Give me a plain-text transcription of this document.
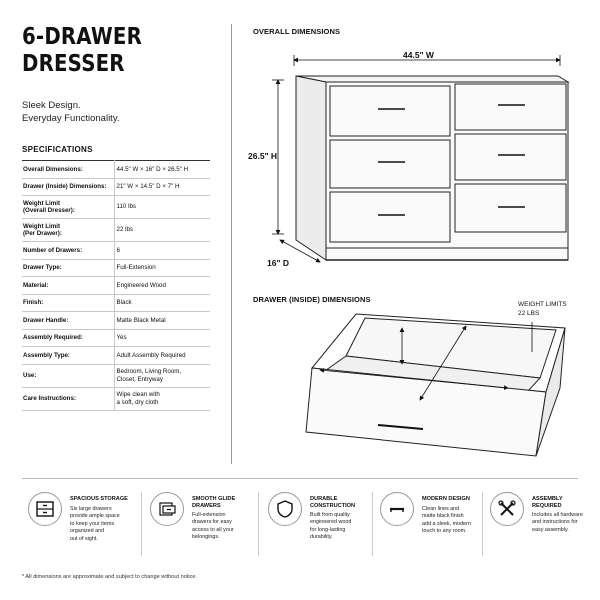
6-DRAWER
DRESSER
Sleek Design.
Everyday Functionality.
SPECIFICATIONS
Overall Dimensions:	44.5" W × 16" D × 26.5" H
Drawer (Inside) Dimensions:	21" W × 14.5" D × 7" H
Weight Limit
(Overall Dresser):	110 lbs
Weight Limit
(Per Drawer):	22 lbs
Number of Drawers:	6
Drawer Type:	Full-Extension
Material:	Engineered Wood
Finish:	Black
Drawer Handle:	Matte Black Metal
Assembly Required:	Yes
Assembly Type:	Adult Assembly Required
Use:	Bedroom, Living Room,
Closet, Entryway
Care Instructions:	Wipe clean with
a soft, dry cloth
OVERALL DIMENSIONS
44.5" W
26.5" H
16" D
DRAWER (INSIDE) DIMENSIONS
WEIGHT LIMITS
22 LBS
SPACIOUS STORAGE
Six large drawers
provide ample space
to keep your items
organized and
out of sight.
SMOOTH GLIDE
DRAWERS
Full-extension
drawers for easy
access to all your
belongings.
DURABLE
CONSTRUCTION
Built from quality
engineered wood
for long-lasting
durability.
MODERN DESIGN
Clean lines and
matte black finish
add a sleek, modern
touch to any room.
ASSEMBLY
REQUIRED
Includes all hardware
and instructions for
easy assembly.
* All dimensions are approximate and subject to change without notice.
